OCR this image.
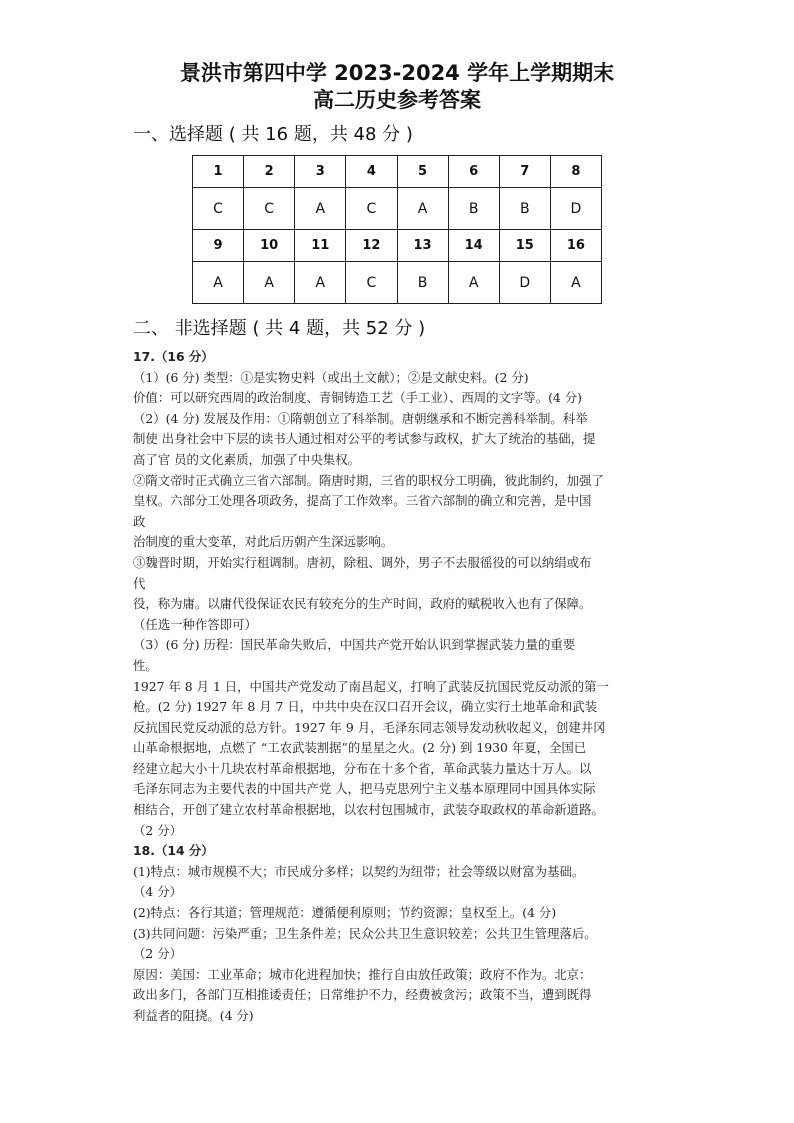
景洪市第四中学 2023-2024 学年上学期期末
高二历史参考答案
一、选择题 ( 共 16 题，共 48 分 )
1	2	3	4	5	6	7	8
C	C	A	C	A	B	B	D
9	10	11	12	13	14	15	16
A	A	A	C	B	A	D	A
二、 非选择题 ( 共 4 题，共 52 分 )

17.（16 分）

（1）(6 分) 类型：①是实物史料（或出土文献）；②是文献史料。(2 分)

价值：可以研究西周的政治制度、青铜铸造工艺（手工业）、西周的文字等。(4 分)

（2）(4 分) 发展及作用：①隋朝创立了科举制。唐朝继承和不断完善科举制。科举

制使 出身社会中下层的读书人通过相对公平的考试参与政权，扩大了统治的基础，提

高了官 员的文化素质，加强了中央集权。

②隋文帝时正式确立三省六部制。隋唐时期，三省的职权分工明确，彼此制约，加强了

皇权。六部分工处理各项政务，提高了工作效率。三省六部制的确立和完善，是中国

政

治制度的重大变革，对此后历朝产生深远影响。

③魏晋时期，开始实行租调制。唐初，除租、调外，男子不去服徭役的可以纳绢或布

代

役，称为庸。以庸代役保证农民有较充分的生产时间，政府的赋税收入也有了保障。

（任选一种作答即可）

（3）(6 分) 历程：国民革命失败后，中国共产党开始认识到掌握武装力量的重要

性。

1927 年 8 月 1 日，中国共产党发动了南昌起义，打响了武装反抗国民党反动派的第一

枪。(2 分) 1927 年 8 月 7 日，中共中央在汉口召开会议，确立实行土地革命和武装

反抗国民党反动派的总方针。1927 年 9 月，毛泽东同志领导发动秋收起义，创建井冈

山革命根据地，点燃了 “工农武装割据”的星星之火。(2 分) 到 1930 年夏，全国已

经建立起大小十几块农村革命根据地，分布在十多个省，革命武装力量达十万人。以

毛泽东同志为主要代表的中国共产党 人，把马克思列宁主义基本原理同中国具体实际

相结合，开创了建立农村革命根据地，以农村包围城市，武装夺取政权的革命新道路。

（2 分）

18.（14 分）

(1)特点：城市规模不大；市民成分多样；以契约为纽带；社会等级以财富为基础。

（4 分）

(2)特点：各行其道；管理规范：遵循便利原则；节约资源；皇权至上。(4 分)

(3)共同问题：污染严重；卫生条件差；民众公共卫生意识较差；公共卫生管理落后。

（2 分）

原因：美国：工业革命；城市化进程加快；推行自由放任政策；政府不作为。北京：

政出多门，各部门互相推诿责任；日常维护不力，经费被贪污；政策不当，遭到既得

利益者的阻挠。(4 分)
